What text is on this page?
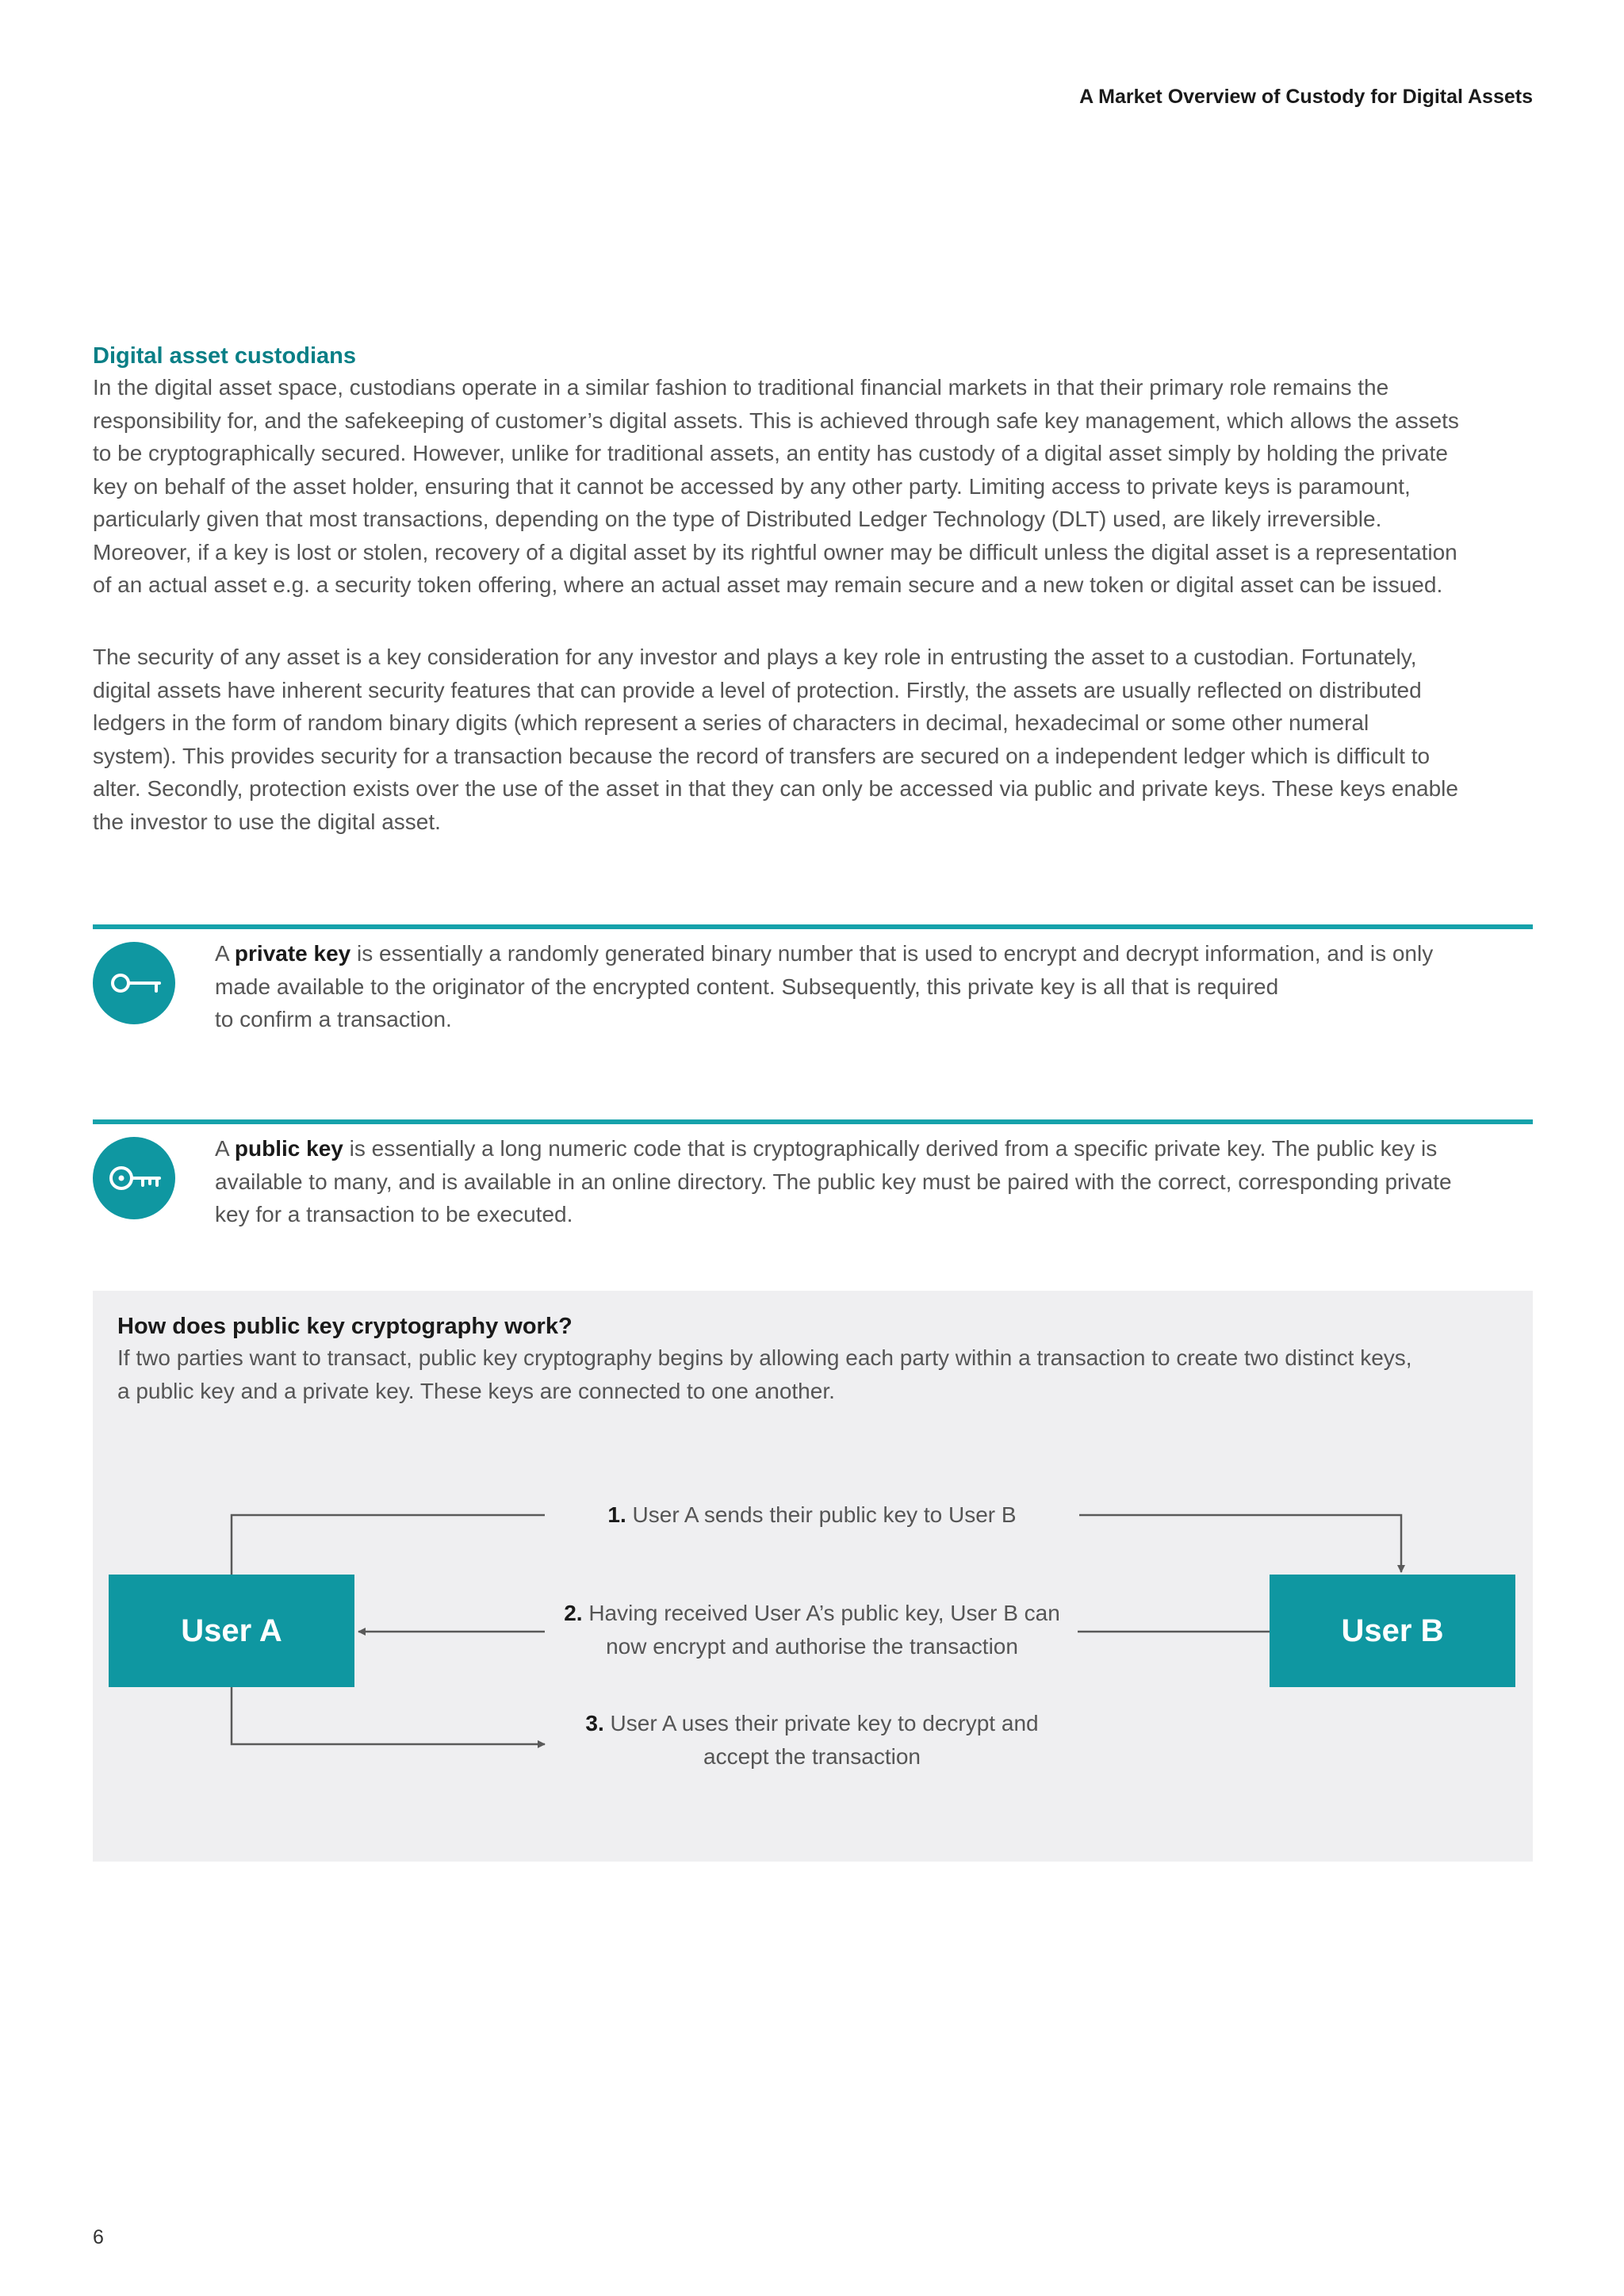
A Market Overview of Custody for Digital Assets
Digital asset custodians

In the digital asset space, custodians operate in a similar fashion to traditional financial markets in that their primary role remains the
responsibility for, and the safekeeping of customer’s digital assets. This is achieved through safe key management, which allows the assets
to be cryptographically secured. However, unlike for traditional assets, an entity has custody of a digital asset simply by holding the private
key on behalf of the asset holder, ensuring that it cannot be accessed by any other party. Limiting access to private keys is paramount,
particularly given that most transactions, depending on the type of Distributed Ledger Technology (DLT) used, are likely irreversible.
Moreover, if a key is lost or stolen, recovery of a digital asset by its rightful owner may be difficult unless the digital asset is a representation
of an actual asset e.g. a security token offering, where an actual asset may remain secure and a new token or digital asset can be issued.

The security of any asset is a key consideration for any investor and plays a key role in entrusting the asset to a custodian. Fortunately,
digital assets have inherent security features that can provide a level of protection. Firstly, the assets are usually reflected on distributed
ledgers in the form of random binary digits (which represent a series of characters in decimal, hexadecimal or some other numeral
system). This provides security for a transaction because the record of transfers are secured on a independent ledger which is difficult to
alter. Secondly, protection exists over the use of the asset in that they can only be accessed via public and private keys. These keys enable
the investor to use the digital asset.

A private key is essentially a randomly generated binary number that is used to encrypt and decrypt information, and is only
made available to the originator of the encrypted content. Subsequently, this private key is all that is required
to confirm a transaction.
A public key is essentially a long numeric code that is cryptographically derived from a specific private key. The public key is
available to many, and is available in an online directory. The public key must be paired with the correct, corresponding private
key for a transaction to be executed.
How does public key cryptography work?
If two parties want to transact, public key cryptography begins by allowing each party within a transaction to create two distinct keys,
a public key and a private key. These keys are connected to one another.
User A	User B
1. User A sends their public key to User B
2. Having received User A’s public key, User B can
now encrypt and authorise the transaction
3. User A uses their private key to decrypt and
accept the transaction
6
